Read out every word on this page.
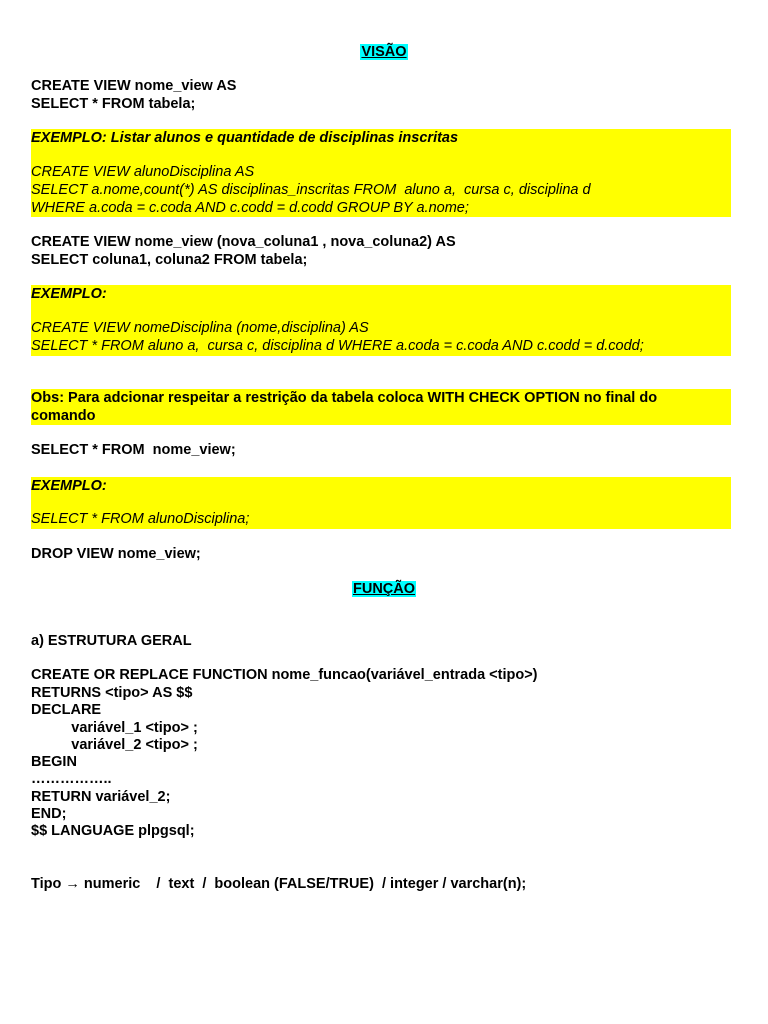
VISÃO
CREATE VIEW nome_view AS
SELECT * FROM tabela;
EXEMPLO: Listar alunos e quantidade de disciplinas inscritas
CREATE VIEW alunoDisciplina AS
SELECT a.nome,count(*) AS disciplinas_inscritas FROM  aluno a,  cursa c, disciplina d
WHERE a.coda = c.coda AND c.codd = d.codd GROUP BY a.nome;
CREATE VIEW nome_view (nova_coluna1 , nova_coluna2) AS
SELECT coluna1, coluna2 FROM tabela;
EXEMPLO:
CREATE VIEW nomeDisciplina (nome,disciplina) AS
SELECT * FROM aluno a,  cursa c, disciplina d WHERE a.coda = c.coda AND c.codd = d.codd;
Obs: Para adcionar respeitar a restrição da tabela coloca WITH CHECK OPTION no final do
comando
SELECT * FROM  nome_view;
EXEMPLO:
SELECT * FROM alunoDisciplina;
DROP VIEW nome_view;
FUNÇÃO
a) ESTRUTURA GERAL
CREATE OR REPLACE FUNCTION nome_funcao(variável_entrada <tipo>)
RETURNS <tipo> AS $$
DECLARE
variável_1 <tipo> ;
variável_2 <tipo> ;
BEGIN
……………..
RETURN variável_2;
END;
$$ LANGUAGE plpgsql;
Tipo → numeric    /  text  /  boolean (FALSE/TRUE)  / integer / varchar(n);
